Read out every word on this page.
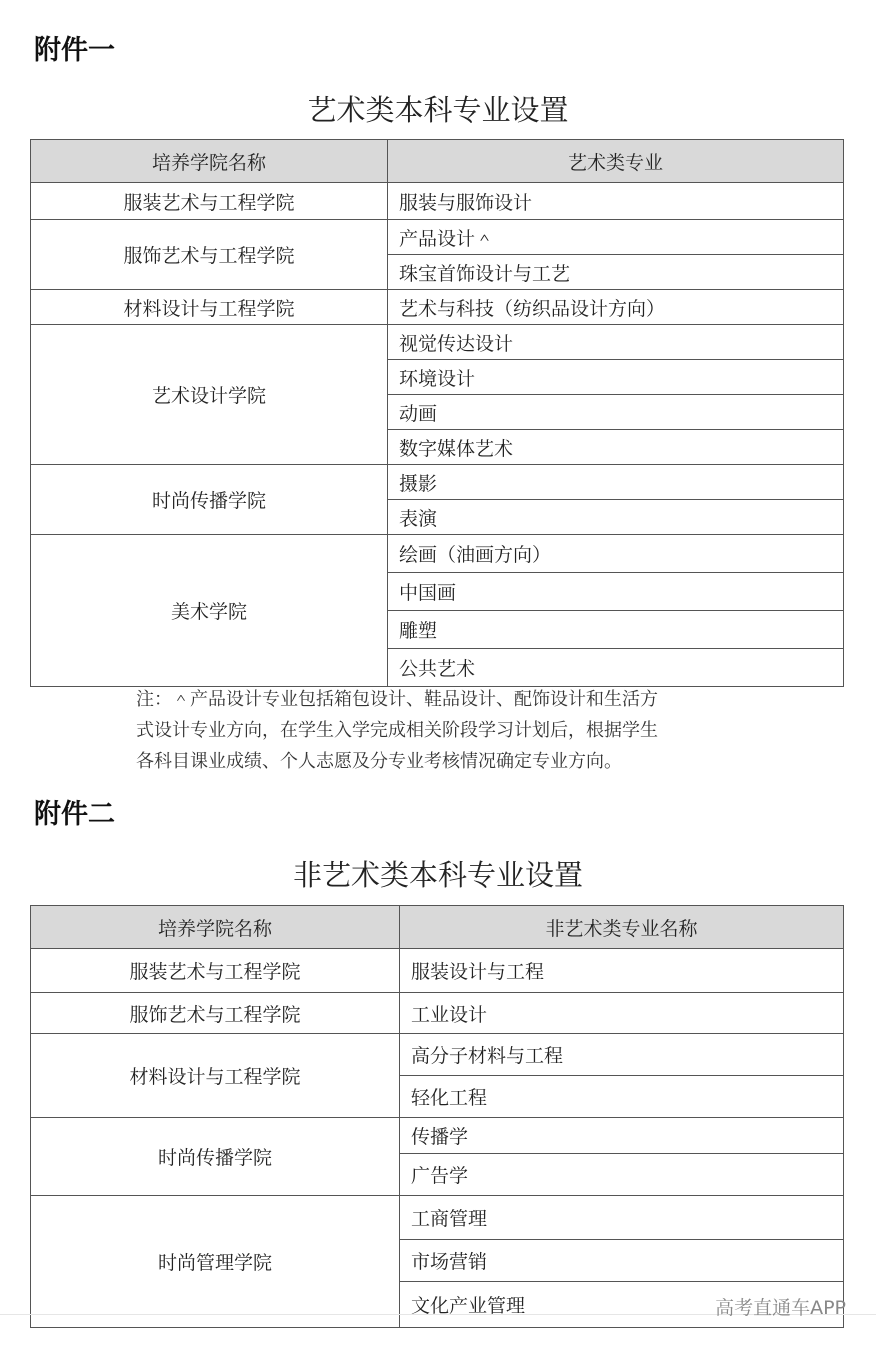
附件一
艺术类本科专业设置
培养学院名称	艺术类专业
服装艺术与工程学院	服装与服饰设计
服饰艺术与工程学院	产品设计＾
	珠宝首饰设计与工艺
材料设计与工程学院	艺术与科技（纺织品设计方向）
艺术设计学院	视觉传达设计
	环境设计
	动画
	数字媒体艺术
时尚传播学院	摄影
	表演
美术学院	绘画（油画方向）
	中国画
	雕塑
	公共艺术
注：＾产品设计专业包括箱包设计、鞋品设计、配饰设计和生活方
式设计专业方向，在学生入学完成相关阶段学习计划后，根据学生
各科目课业成绩、个人志愿及分专业考核情况确定专业方向。
附件二
非艺术类本科专业设置
培养学院名称	非艺术类专业名称
服装艺术与工程学院	服装设计与工程
服饰艺术与工程学院	工业设计
材料设计与工程学院	高分子材料与工程
	轻化工程
时尚传播学院	传播学
	广告学
时尚管理学院	工商管理
	市场营销
	文化产业管理	高考直通车APP
